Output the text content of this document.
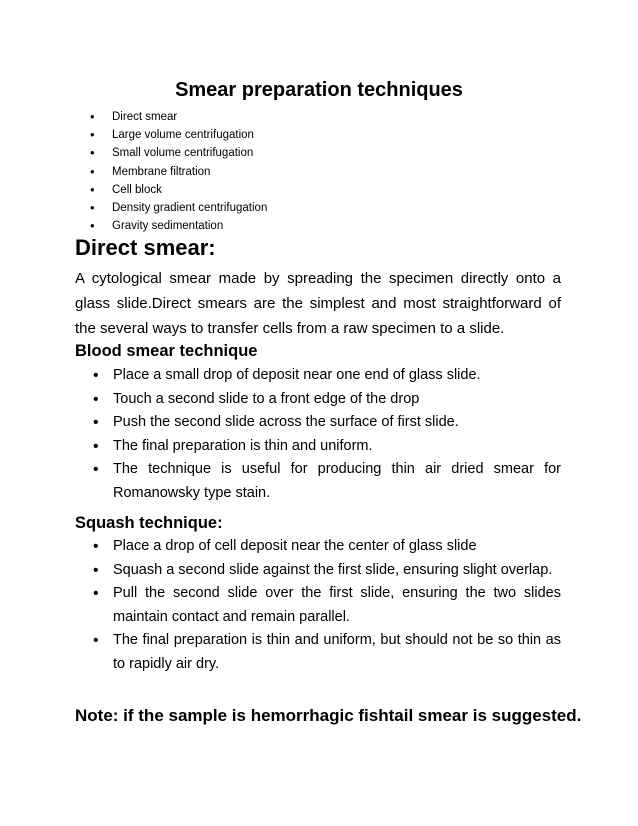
Smear preparation techniques
• Direct smear
• Large volume centrifugation
• Small volume centrifugation
• Membrane filtration
• Cell block
• Density gradient centrifugation
• Gravity sedimentation
Direct smear:
A cytological smear made by spreading the specimen directly onto a glass slide.Direct smears are the simplest and most straightforward of the several ways to transfer cells from a raw specimen to a slide.
Blood smear technique
• Place a small drop of deposit near one end of glass slide.
• Touch a second slide to a front edge of the drop
• Push the second slide across the surface of first slide.
• The final preparation is thin and uniform.
• The technique is useful for producing thin air dried smear for Romanowsky type stain.
Squash technique:
• Place a drop of cell deposit near the center of glass slide
• Squash a second slide against the first slide, ensuring slight overlap.
• Pull the second slide over the first slide, ensuring the two slides maintain contact and remain parallel.
• The final preparation is thin and uniform, but should not be so thin as to rapidly air dry.
Note: if the sample is hemorrhagic fishtail smear is suggested.
